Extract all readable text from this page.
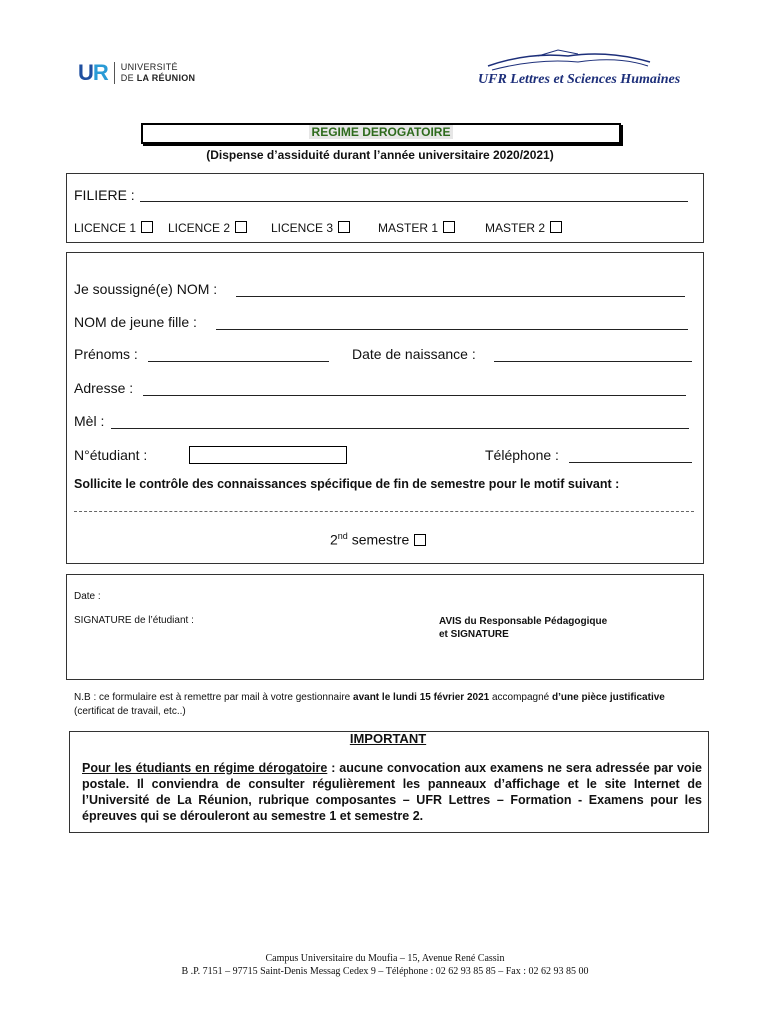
U R UNIVERSITÉ
DE LA RÉUNION	UFR Lettres et Sciences Humaines
REGIME DEROGATOIRE
(Dispense d’assiduité durant l’année universitaire 2020/2021)
FILIERE :
LICENCE 1	LICENCE 2	LICENCE 3	MASTER 1	MASTER 2
Je soussigné(e) NOM :
NOM de jeune fille :
Prénoms :	Date de naissance :
Adresse :
Mèl :
N°étudiant :	Téléphone :
Sollicite le contrôle des connaissances spécifique de fin de semestre pour le motif suivant :
2nd semestre
Date :
SIGNATURE de l’étudiant :	AVIS du Responsable Pédagogique
et SIGNATURE
N.B : ce formulaire est à remettre par mail à votre gestionnaire avant le lundi 15 février 2021 accompagné d’une pièce justificative (certificat de travail, etc..)
IMPORTANT
Pour les étudiants en régime dérogatoire : aucune convocation aux examens ne sera adressée par voie postale. Il conviendra de consulter régulièrement les panneaux d’affichage et le site Internet de l’Université de La Réunion, rubrique composantes – UFR Lettres – Formation - Examens pour les épreuves qui se dérouleront au semestre 1 et semestre 2.
Campus Universitaire du Moufia – 15, Avenue René Cassin
B .P. 7151 – 97715 Saint-Denis Messag Cedex 9 – Téléphone : 02 62 93 85 85 – Fax : 02 62 93 85 00
